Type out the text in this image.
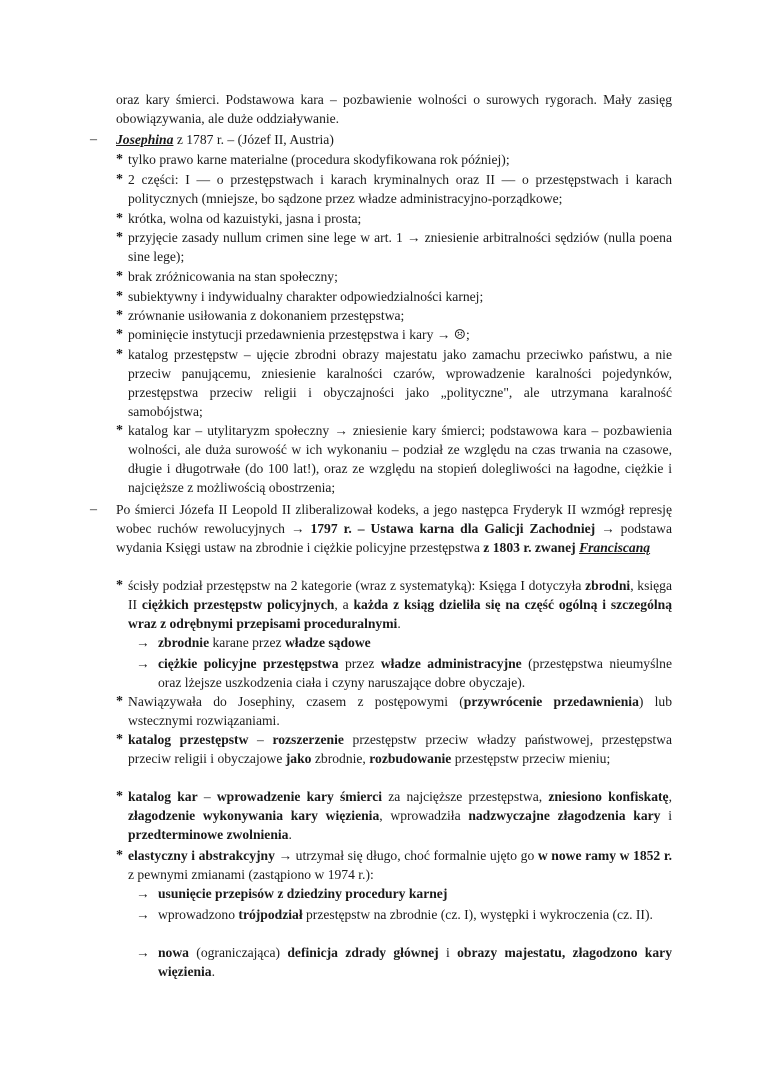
oraz kary śmierci. Podstawowa kara – pozbawienie wolności o surowych rygorach. Mały zasięg obowiązywania, ale duże oddziaływanie.
– Josephina z 1787 r. – (Józef II, Austria)
* tylko prawo karne materialne (procedura skodyfikowana rok później);
* 2 części: I — o przestępstwach i karach kryminalnych oraz II — o przestępstwach i karach politycznych (mniejsze, bo sądzone przez władze administracyjno-porządkowe;
* krótka, wolna od kazuistyki, jasna i prosta;
* przyjęcie zasady nullum crimen sine lege w art. 1 → zniesienie arbitralności sędziów (nulla poena sine lege);
* brak zróżnicowania na stan społeczny;
* subiektywny i indywidualny charakter odpowiedzialności karnej;
* zrównanie usiłowania z dokonaniem przestępstwa;
* pominięcie instytucji przedawnienia przestępstwa i kary → ☹;
* katalog przestępstw – ujęcie zbrodni obrazy majestatu jako zamachu przeciwko państwu, a nie przeciw panującemu, zniesienie karalności czarów, wprowadzenie karalności pojedynków, przestępstwa przeciw religii i obyczajności jako „polityczne", ale utrzymana karalność samobójstwa;
* katalog kar – utylitaryzm społeczny → zniesienie kary śmierci; podstawowa kara – pozbawienia wolności, ale duża surowość w ich wykonaniu – podział ze względu na czas trwania na czasowe, długie i długotrwałe (do 100 lat!), oraz ze względu na stopień dolegliwości na łagodne, ciężkie i najcięższe z możliwością obostrzenia;
– Po śmierci Józefa II Leopold II zliberalizował kodeks, a jego następca Fryderyk II wzmógł represję wobec ruchów rewolucyjnych → 1797 r. – Ustawa karna dla Galicji Zachodniej → podstawa wydania Księgi ustaw na zbrodnie i ciężkie policyjne przestępstwa z 1803 r. zwanej Franciscaną
* ścisły podział przestępstw na 2 kategorie (wraz z systematyką): Księga I dotyczyła zbrodni, księga II ciężkich przestępstw policyjnych, a każda z ksiąg dzieliła się na część ogólną i szczególną wraz z odrębnymi przepisami proceduralnymi.
→ zbrodnie karane przez władze sądowe
→ ciężkie policyjne przestępstwa przez władze administracyjne (przestępstwa nieumyślne oraz lżejsze uszkodzenia ciała i czyny naruszające dobre obyczaje).
* Nawiązywała do Josephiny, czasem z postępowymi (przywrócenie przedawnienia) lub wstecznymi rozwiązaniami.
* katalog przestępstw – rozszerzenie przestępstw przeciw władzy państwowej, przestępstwa przeciw religii i obyczajowe jako zbrodnie, rozbudowanie przestępstw przeciw mieniu;
* katalog kar – wprowadzenie kary śmierci za najcięższe przestępstwa, zniesiono konfiskatę, złagodzenie wykonywania kary więzienia, wprowadziła nadzwyczajne złagodzenia kary i przedterminowe zwolnienia.
* elastyczny i abstrakcyjny → utrzymał się długo, choć formalnie ujęto go w nowe ramy w 1852 r. z pewnymi zmianami (zastąpiono w 1974 r.):
→ usunięcie przepisów z dziedziny procedury karnej
→ wprowadzono trójpodział przestępstw na zbrodnie (cz. I), występki i wykroczenia (cz. II).
→ nowa (ograniczająca) definicja zdrady głównej i obrazy majestatu, złagodzono kary więzienia.
